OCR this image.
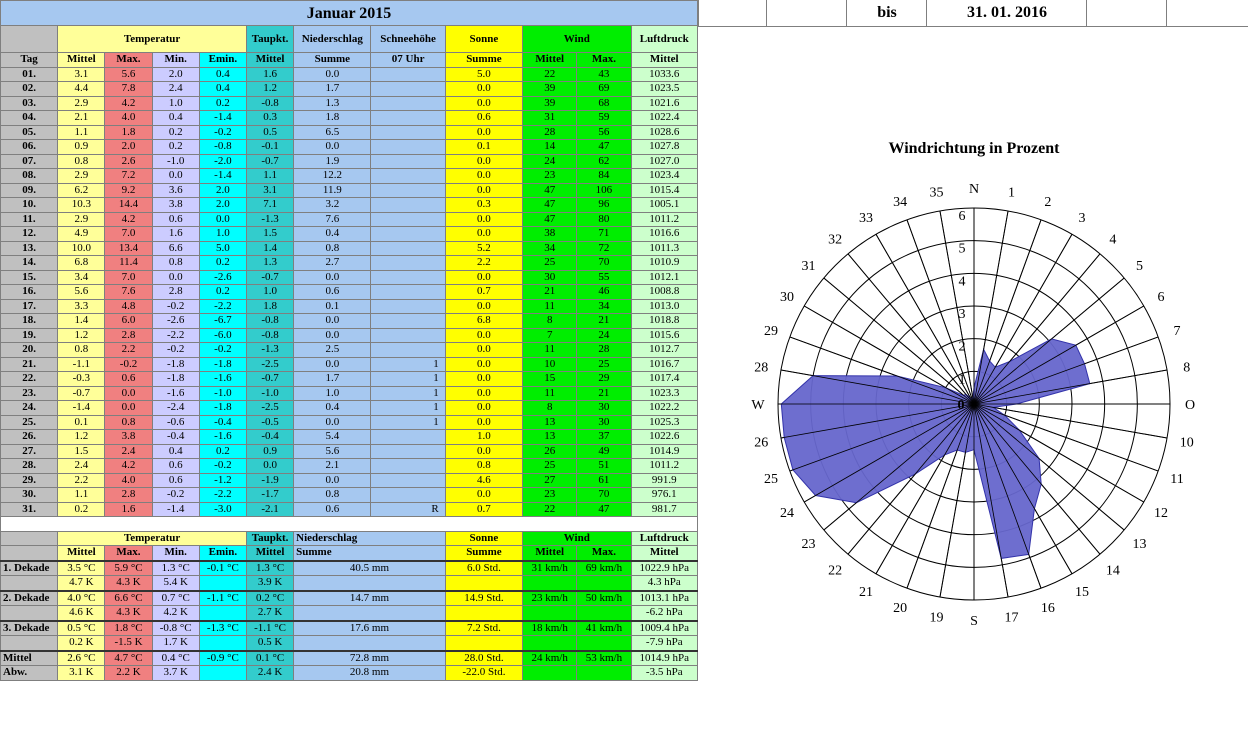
Januar 2015											
	Temperatur				Taupkt.	Niederschlag	Schneehöhe	Sonne	Wind		Luftdruck
Tag	Mittel	Max.	Min.	Emin.	Mittel	Summe	07 Uhr	Summe	Mittel	Max.	Mittel
01.	3.1	5.6	2.0	0.4	1.6	0.0		5.0	22	43	1033.6
02.	4.4	7.8	2.4	0.4	1.2	1.7		0.0	39	69	1023.5
03.	2.9	4.2	1.0	0.2	-0.8	1.3		0.0	39	68	1021.6
04.	2.1	4.0	0.4	-1.4	0.3	1.8		0.6	31	59	1022.4
05.	1.1	1.8	0.2	-0.2	0.5	6.5		0.0	28	56	1028.6
06.	0.9	2.0	0.2	-0.8	-0.1	0.0		0.1	14	47	1027.8
07.	0.8	2.6	-1.0	-2.0	-0.7	1.9		0.0	24	62	1027.0
08.	2.9	7.2	0.0	-1.4	1.1	12.2		0.0	23	84	1023.4
09.	6.2	9.2	3.6	2.0	3.1	11.9		0.0	47	106	1015.4
10.	10.3	14.4	3.8	2.0	7.1	3.2		0.3	47	96	1005.1
11.	2.9	4.2	0.6	0.0	-1.3	7.6		0.0	47	80	1011.2
12.	4.9	7.0	1.6	1.0	1.5	0.4		0.0	38	71	1016.6
13.	10.0	13.4	6.6	5.0	1.4	0.8		5.2	34	72	1011.3
14.	6.8	11.4	0.8	0.2	1.3	2.7		2.2	25	70	1010.9
15.	3.4	7.0	0.0	-2.6	-0.7	0.0		0.0	30	55	1012.1
16.	5.6	7.6	2.8	0.2	1.0	0.6		0.7	21	46	1008.8
17.	3.3	4.8	-0.2	-2.2	1.8	0.1		0.0	11	34	1013.0
18.	1.4	6.0	-2.6	-6.7	-0.8	0.0		6.8	8	21	1018.8
19.	1.2	2.8	-2.2	-6.0	-0.8	0.0		0.0	7	24	1015.6
20.	0.8	2.2	-0.2	-0.2	-1.3	2.5		0.0	11	28	1012.7
21.	-1.1	-0.2	-1.8	-1.8	-2.5	0.0	1	0.0	10	25	1016.7
22.	-0.3	0.6	-1.8	-1.6	-0.7	1.7	1	0.0	15	29	1017.4
23.	-0.7	0.0	-1.6	-1.0	-1.0	1.0	1	0.0	11	21	1023.3
24.	-1.4	0.0	-2.4	-1.8	-2.5	0.4	1	0.0	8	30	1022.2
25.	0.1	0.8	-0.6	-0.4	-0.5	0.0	1	0.0	13	30	1025.3
26.	1.2	3.8	-0.4	-1.6	-0.4	5.4		1.0	13	37	1022.6
27.	1.5	2.4	0.4	0.2	0.9	5.6		0.0	26	49	1014.9
28.	2.4	4.2	0.6	-0.2	0.0	2.1		0.8	25	51	1011.2
29.	2.2	4.0	0.6	-1.2	-1.9	0.0		4.6	27	61	991.9
30.	1.1	2.8	-0.2	-2.2	-1.7	0.8		0.0	23	70	976.1
31.	0.2	1.6	-1.4	-3.0	-2.1	0.6	R	0.7	22	47	981.7

	Temperatur				Taupkt.	Niederschlag		Sonne	Wind		Luftdruck
	Mittel	Max.	Min.	Emin.	Mittel	Summe		Summe	Mittel	Max.	Mittel
1. Dekade	3.5 °C	5.9 °C	1.3 °C	-0.1 °C	1.3 °C	40.5 mm		6.0 Std.	31 km/h	69 km/h	1022.9 hPa
	4.7 K	4.3 K	5.4 K		3.9 K						4.3 hPa
2. Dekade	4.0 °C	6.6 °C	0.7 °C	-1.1 °C	0.2 °C	14.7 mm		14.9 Std.	23 km/h	50 km/h	1013.1 hPa
	4.6 K	4.3 K	4.2 K		2.7 K						-6.2 hPa
3. Dekade	0.5 °C	1.8 °C	-0.8 °C	-1.3 °C	-1.1 °C	17.6 mm		7.2 Std.	18 km/h	41 km/h	1009.4 hPa
	0.2 K	-1.5 K	1.7 K		0.5 K						-7.9 hPa
Mittel	2.6 °C	4.7 °C	0.4 °C	-0.9 °C	0.1 °C	72.8 mm		28.0 Std.	24 km/h	53 km/h	1014.9 hPa
Abw.	3.1 K	2.2 K	3.7 K		2.4 K	20.8 mm		-22.0 Std.			-3.5 hPa
bis	31. 01. 2016
Windrichtung in Prozent
1
2
3
4
5
6
0
N 1
2
3
4
5
6
7
8
O
10
11
12
13
14
15
16
17
S
19
20
21
22
23
24
25
26
W
28
29
30
31
32
33
34
35
